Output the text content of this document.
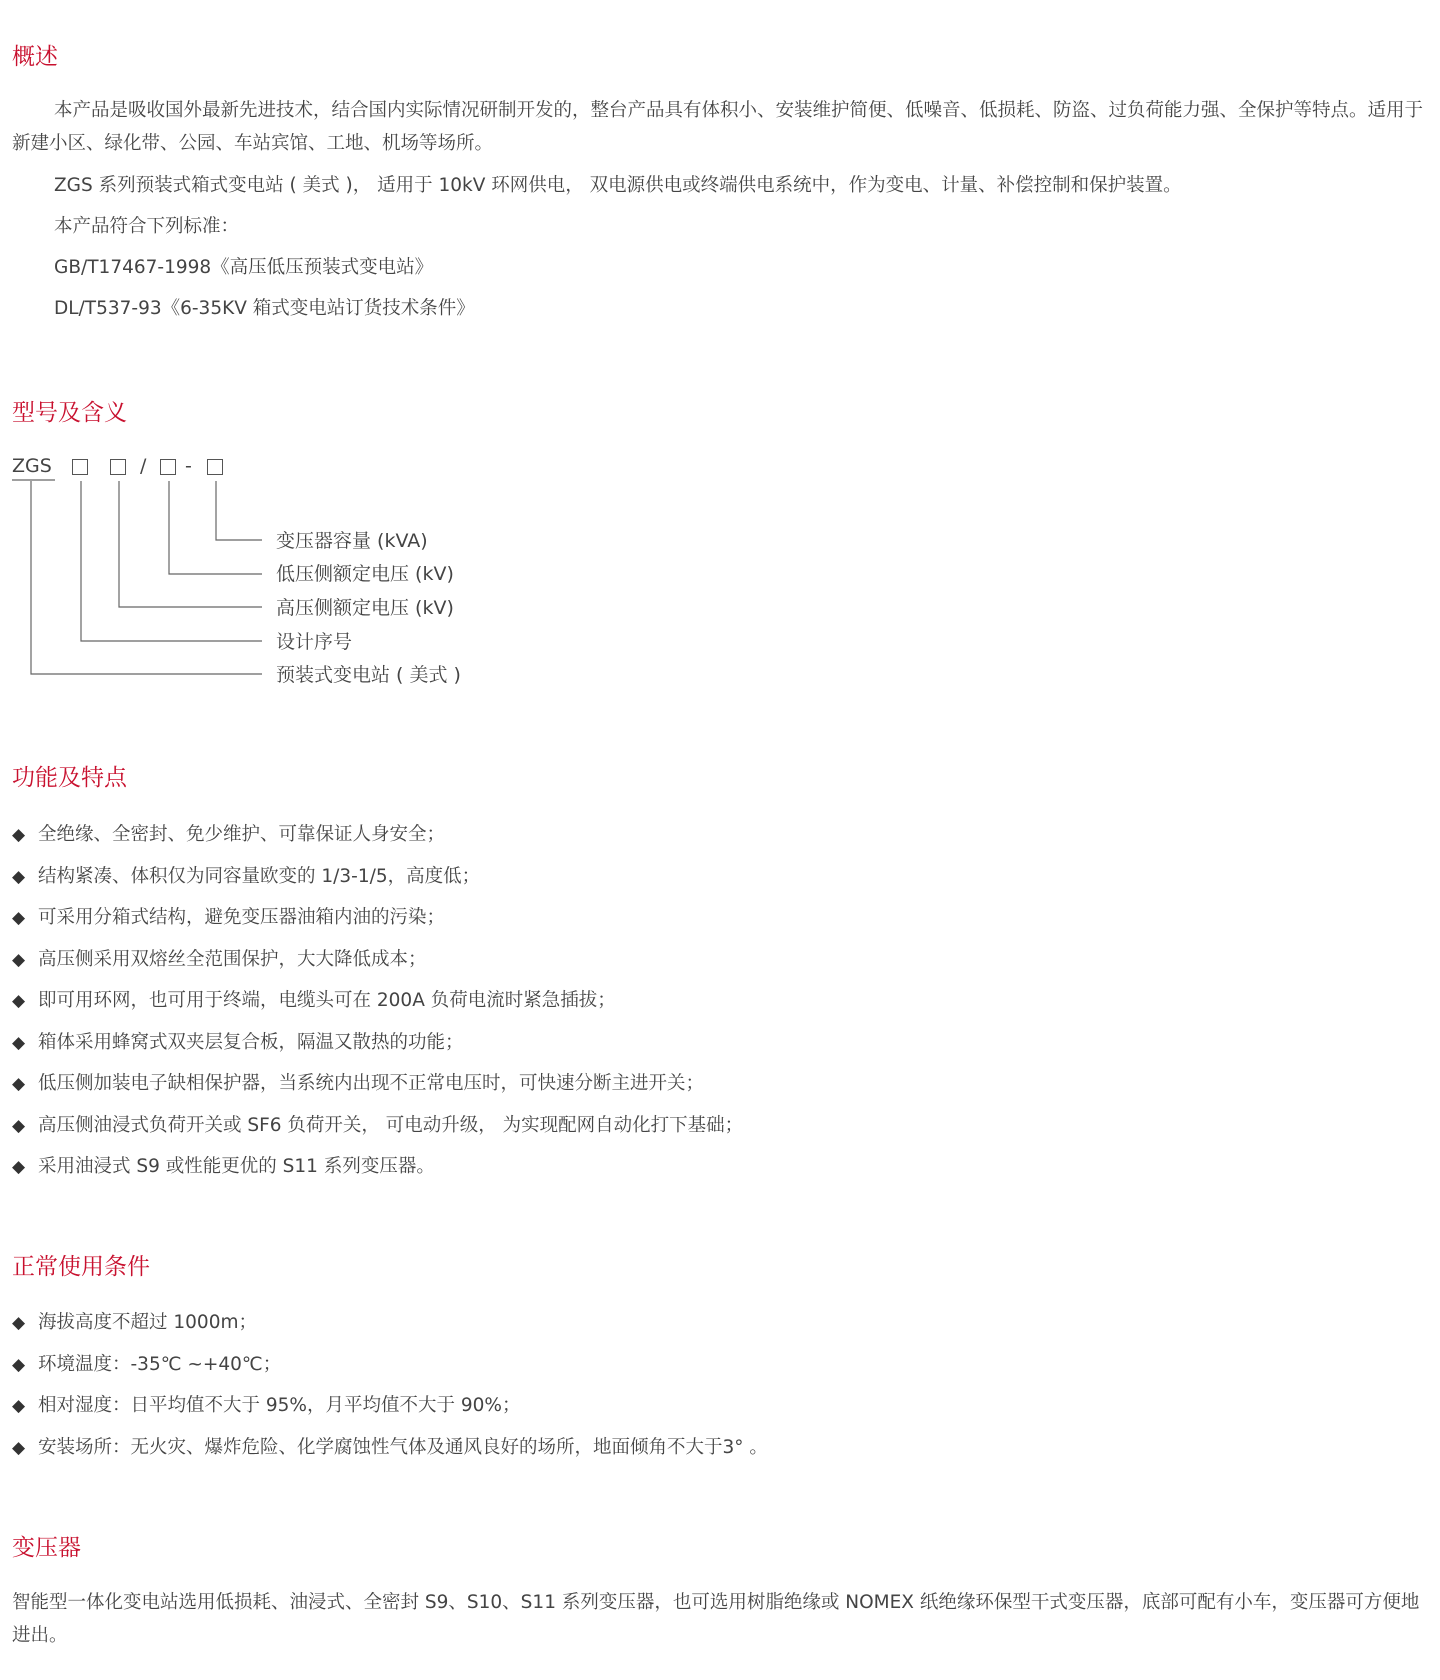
概述

本产品是吸收国外最新先进技术，结合国内实际情况研制开发的，整台产品具有体积小、安装维护简便、低噪音、低损耗、防盗、过负荷能力强、全保护等特点。适用于新建小区、绿化带、公园、车站宾馆、工地、机场等场所。

ZGS 系列预装式箱式变电站 ( 美式 )， 适用于 10kV 环网供电， 双电源供电或终端供电系统中，作为变电、计量、补偿控制和保护装置。

本产品符合下列标准：

GB/T17467-1998《高压低压预装式变电站》

DL/T537-93《6-35KV 箱式变电站订货技术条件》

型号及含义
ZGS	/ -

变压器容量 (kVA)

低压侧额定电压 (kV)

高压侧额定电压 (kV)

设计序号

预装式变电站 ( 美式 )

功能及特点
◆ 全绝缘、全密封、免少维护、可靠保证人身安全；
◆ 结构紧凑、体积仅为同容量欧变的 1/3-1/5，高度低；
◆ 可采用分箱式结构，避免变压器油箱内油的污染；
◆ 高压侧采用双熔丝全范围保护，大大降低成本；
◆ 即可用环网，也可用于终端，电缆头可在 200A 负荷电流时紧急插拔；
◆ 箱体采用蜂窝式双夹层复合板，隔温又散热的功能；
◆ 低压侧加装电子缺相保护器，当系统内出现不正常电压时，可快速分断主进开关；
◆ 高压侧油浸式负荷开关或 SF6 负荷开关， 可电动升级， 为实现配网自动化打下基础；
◆ 采用油浸式 S9 或性能更优的 S11 系列变压器。
正常使用条件
◆ 海拔高度不超过 1000m；
◆ 环境温度：-35℃ ~+40℃；
◆ 相对湿度：日平均值不大于 95%，月平均值不大于 90%；
◆ 安装场所：无火灾、爆炸危险、化学腐蚀性气体及通风良好的场所，地面倾角不大于3° 。
变压器

智能型一体化变电站选用低损耗、油浸式、全密封 S9、S10、S11 系列变压器，也可选用树脂绝缘或 NOMEX 纸绝缘环保型干式变压器，底部可配有小车，变压器可方便地进出。
